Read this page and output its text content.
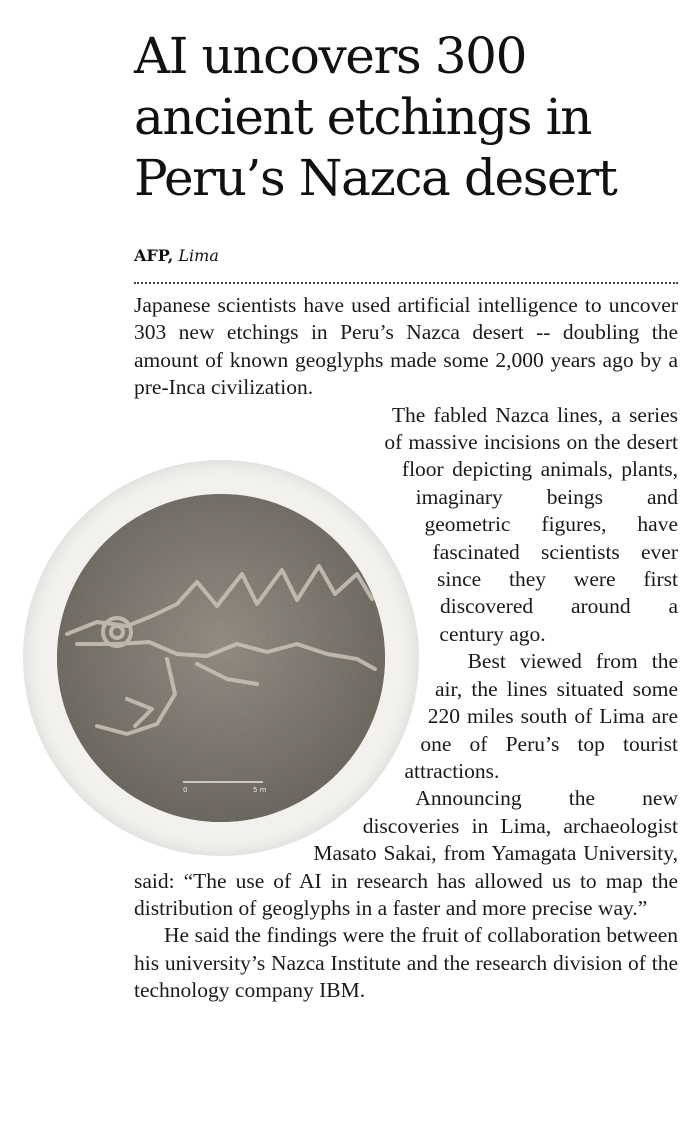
AI uncovers 300
ancient etchings in
Peru’s Nazca desert
AFP, Lima
0	5 m

Japanese scientists have used artificial intelligence to uncover 303 new etchings in Peru’s Nazca desert -- doubling the amount of known geoglyphs made some 2,000 years ago by a pre-Inca civilization.

The fabled Nazca lines, a series of massive incisions on the desert floor depicting animals, plants, imaginary beings and geometric figures, have fascinated scientists ever since they were first discovered around a century ago.

Best viewed from the air, the lines situated some 220 miles south of Lima are one of Peru’s top tourist attractions.

Announcing the new discoveries in Lima, archaeologist Masato Sakai, from Yamagata University, said: “The use of AI in research has allowed us to map the distribution of geoglyphs in a faster and more precise way.”

He said the findings were the fruit of collaboration between his university’s Nazca Institute and the research division of the technology company IBM.
